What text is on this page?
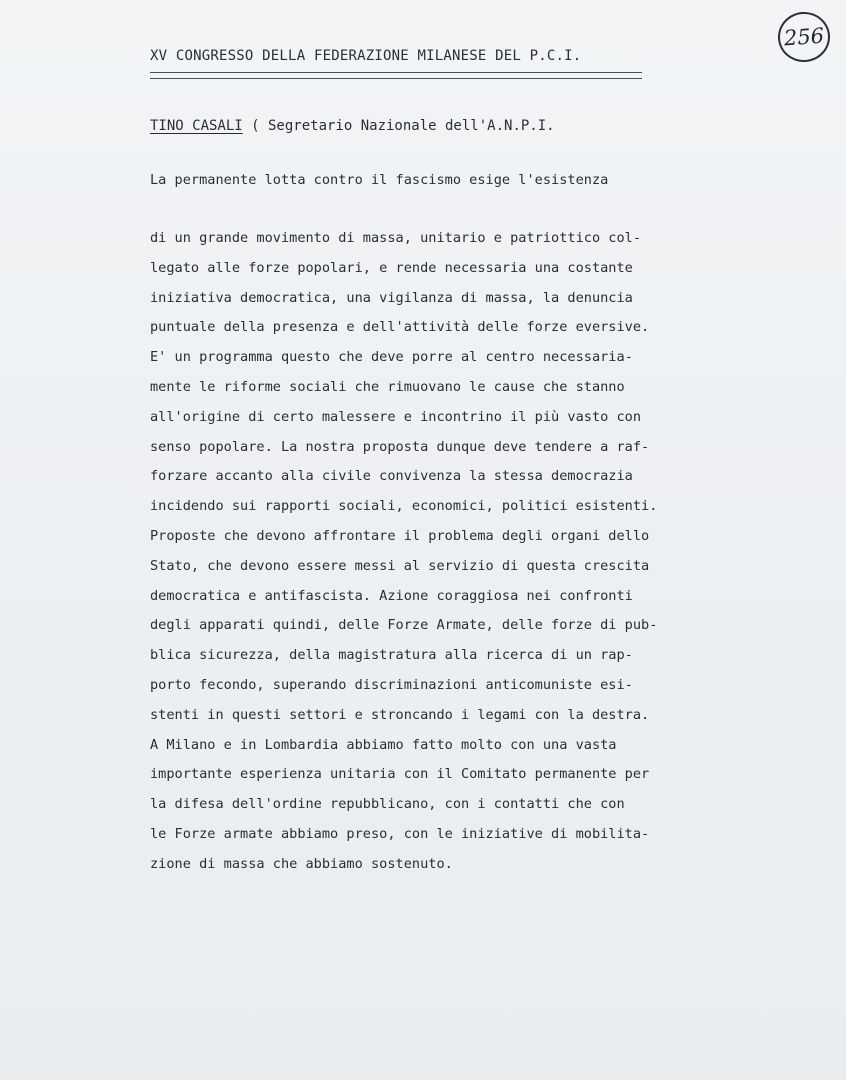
256
XV CONGRESSO DELLA FEDERAZIONE MILANESE DEL P.C.I.
TINO CASALI ( Segretario Nazionale dell'A.N.P.I.
La permanente lotta contro il fascismo esige l'esistenza
di un grande movimento di massa, unitario e patriottico col-
legato alle forze popolari, e rende necessaria una costante
iniziativa democratica, una vigilanza di massa, la denuncia
puntuale della presenza e dell'attività delle forze eversive.
E' un programma questo che deve porre al centro necessaria-
mente le riforme sociali che rimuovano le cause che stanno
all'origine di certo malessere e incontrino il più vasto con
senso popolare. La nostra proposta dunque deve tendere a raf-
forzare accanto alla civile convivenza la stessa democrazia
incidendo sui rapporti sociali, economici, politici esistenti.
Proposte che devono affrontare il problema degli organi dello
Stato, che devono essere messi al servizio di questa crescita
democratica e antifascista. Azione coraggiosa nei confronti
degli apparati quindi, delle Forze Armate, delle forze di pub-
blica sicurezza, della magistratura alla ricerca di un rap-
porto fecondo, superando discriminazioni anticomuniste esi-
stenti in questi settori e stroncando i legami con la destra.
A Milano e in Lombardia abbiamo fatto molto con una vasta
importante esperienza unitaria con il Comitato permanente per
la difesa dell'ordine repubblicano, con i contatti che con
le Forze armate abbiamo preso, con le iniziative di mobilita-
zione di massa che abbiamo sostenuto.
